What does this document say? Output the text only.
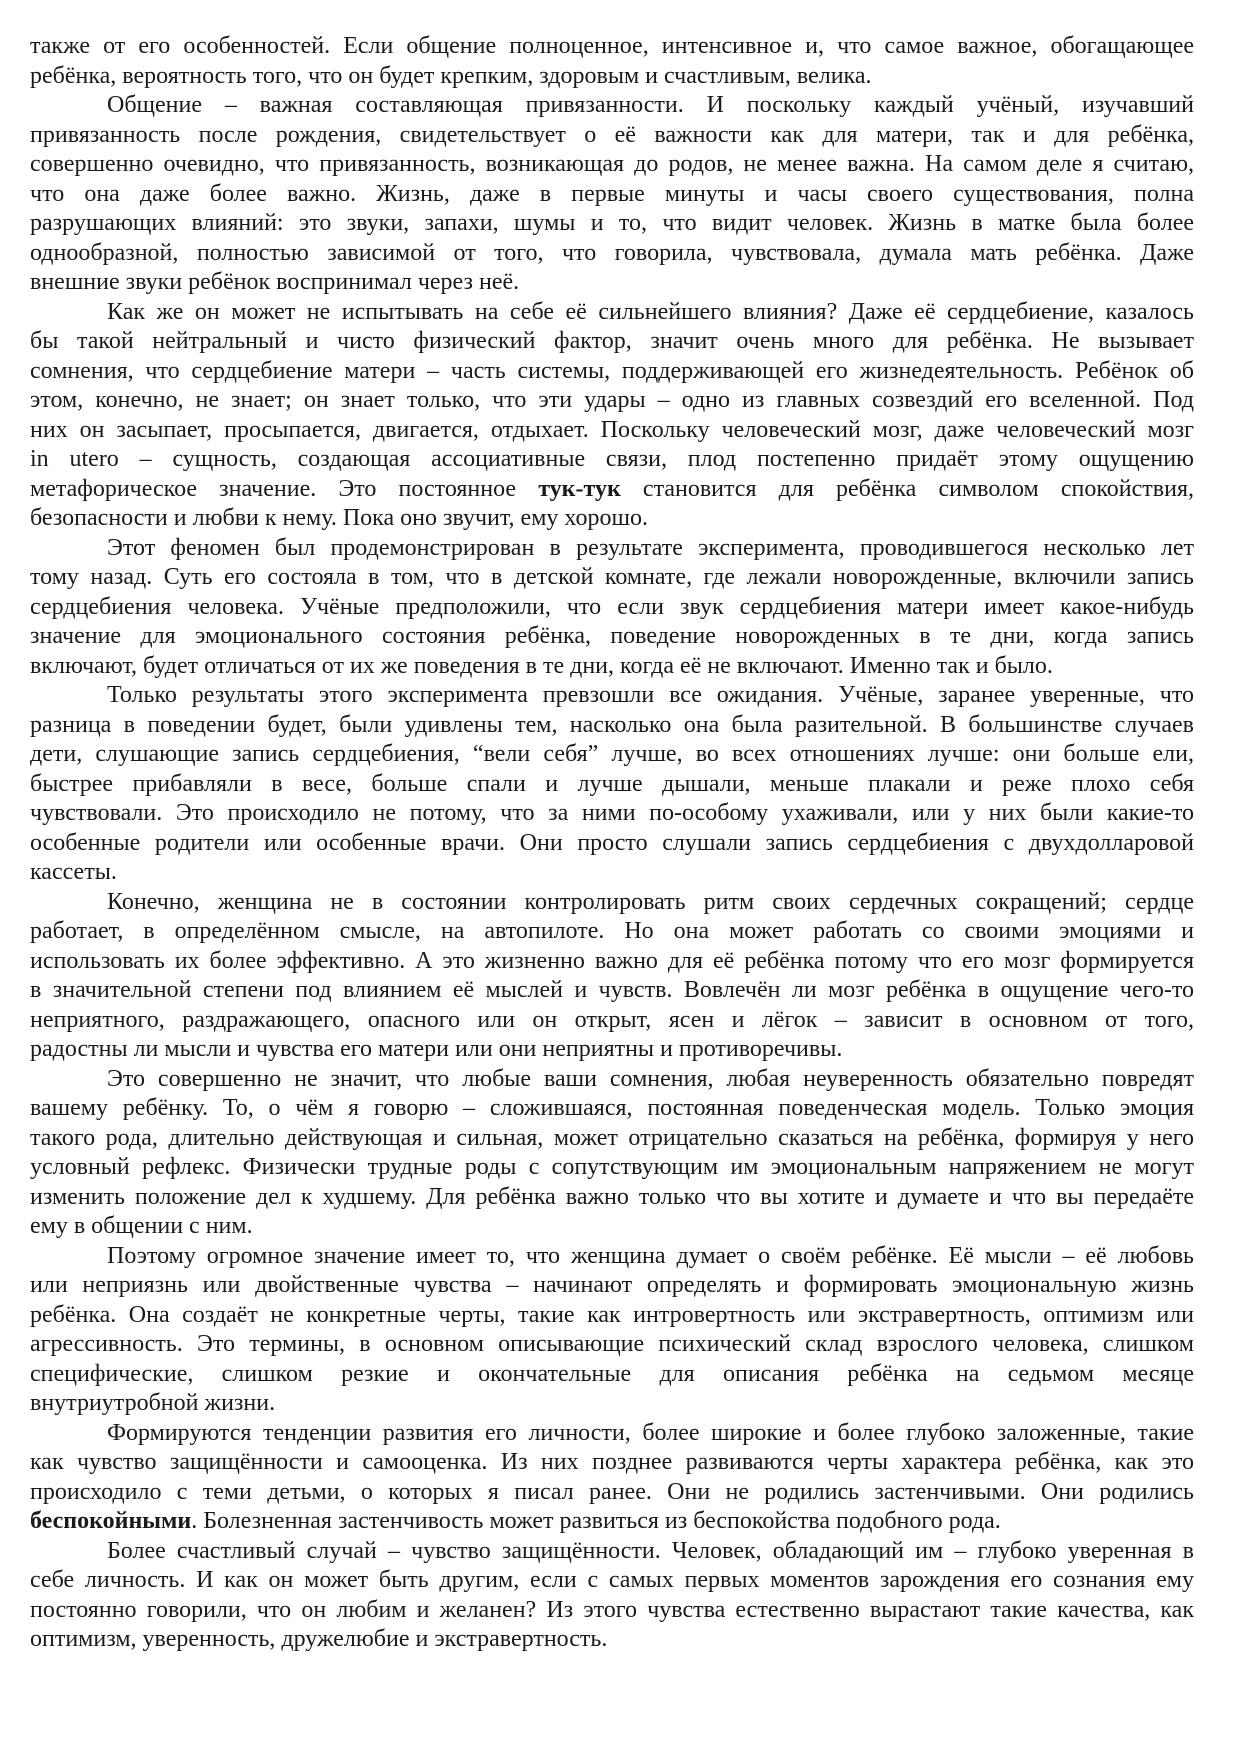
также от его особенностей. Если общение полноценное, интенсивное и, что самое важное, обогащающее
ребёнка, вероятность того, что он будет крепким, здоровым и счастливым, велика.
Общение – важная составляющая привязанности. И поскольку каждый учёный, изучавший
привязанность после рождения, свидетельствует о её важности как для матери, так и для ребёнка,
совершенно очевидно, что привязанность, возникающая до родов, не менее важна. На самом деле я считаю,
что она даже более важно. Жизнь, даже в первые минуты и часы своего существования, полна
разрушающих влияний: это звуки, запахи, шумы и то, что видит человек. Жизнь в матке была более
однообразной, полностью зависимой от того, что говорила, чувствовала, думала мать ребёнка. Даже
внешние звуки ребёнок воспринимал через неё.
Как же он может не испытывать на себе её сильнейшего влияния? Даже её сердцебиение, казалось
бы такой нейтральный и чисто физический фактор, значит очень много для ребёнка. Не вызывает
сомнения, что сердцебиение матери – часть системы, поддерживающей его жизнедеятельность. Ребёнок об
этом, конечно, не знает; он знает только, что эти удары – одно из главных созвездий его вселенной. Под
них он засыпает, просыпается, двигается, отдыхает. Поскольку человеческий мозг, даже человеческий мозг
in utero – сущность, создающая ассоциативные связи, плод постепенно придаёт этому ощущению
метафорическое значение. Это постоянное тук-тук становится для ребёнка символом спокойствия,
безопасности и любви к нему. Пока оно звучит, ему хорошо.
Этот феномен был продемонстрирован в результате эксперимента, проводившегося несколько лет
тому назад. Суть его состояла в том, что в детской комнате, где лежали новорожденные, включили запись
сердцебиения человека. Учёные предположили, что если звук сердцебиения матери имеет какое-нибудь
значение для эмоционального состояния ребёнка, поведение новорожденных в те дни, когда запись
включают, будет отличаться от их же поведения в те дни, когда её не включают. Именно так и было.
Только результаты этого эксперимента превзошли все ожидания. Учёные, заранее уверенные, что
разница в поведении будет, были удивлены тем, насколько она была разительной. В большинстве случаев
дети, слушающие запись сердцебиения, “вели себя” лучше, во всех отношениях лучше: они больше ели,
быстрее прибавляли в весе, больше спали и лучше дышали, меньше плакали и реже плохо себя
чувствовали. Это происходило не потому, что за ними по-особому ухаживали, или у них были какие-то
особенные родители или особенные врачи. Они просто слушали запись сердцебиения с двухдолларовой
кассеты.
Конечно, женщина не в состоянии контролировать ритм своих сердечных сокращений; сердце
работает, в определённом смысле, на автопилоте. Но она может работать со своими эмоциями и
использовать их более эффективно. А это жизненно важно для её ребёнка потому что его мозг формируется
в значительной степени под влиянием её мыслей и чувств. Вовлечён ли мозг ребёнка в ощущение чего-то
неприятного, раздражающего, опасного или он открыт, ясен и лёгок – зависит в основном от того,
радостны ли мысли и чувства его матери или они неприятны и противоречивы.
Это совершенно не значит, что любые ваши сомнения, любая неуверенность обязательно повредят
вашему ребёнку. То, о чём я говорю – сложившаяся, постоянная поведенческая модель. Только эмоция
такого рода, длительно действующая и сильная, может отрицательно сказаться на ребёнка, формируя у него
условный рефлекс. Физически трудные роды с сопутствующим им эмоциональным напряжением не могут
изменить положение дел к худшему. Для ребёнка важно только что вы хотите и думаете и что вы передаёте
ему в общении с ним.
Поэтому огромное значение имеет то, что женщина думает о своём ребёнке. Её мысли – её любовь
или неприязнь или двойственные чувства – начинают определять и формировать эмоциональную жизнь
ребёнка. Она создаёт не конкретные черты, такие как интровертность или экстравертность, оптимизм или
агрессивность. Это термины, в основном описывающие психический склад взрослого человека, слишком
специфические, слишком резкие и окончательные для описания ребёнка на седьмом месяце
внутриутробной жизни.
Формируются тенденции развития его личности, более широкие и более глубоко заложенные, такие
как чувство защищённости и самооценка. Из них позднее развиваются черты характера ребёнка, как это
происходило с теми детьми, о которых я писал ранее. Они не родились застенчивыми. Они родились
беспокойными. Болезненная застенчивость может развиться из беспокойства подобного рода.
Более счастливый случай – чувство защищённости. Человек, обладающий им – глубоко уверенная в
себе личность. И как он может быть другим, если с самых первых моментов зарождения его сознания ему
постоянно говорили, что он любим и желанен? Из этого чувства естественно вырастают такие качества, как
оптимизм, уверенность, дружелюбие и экстравертность.
